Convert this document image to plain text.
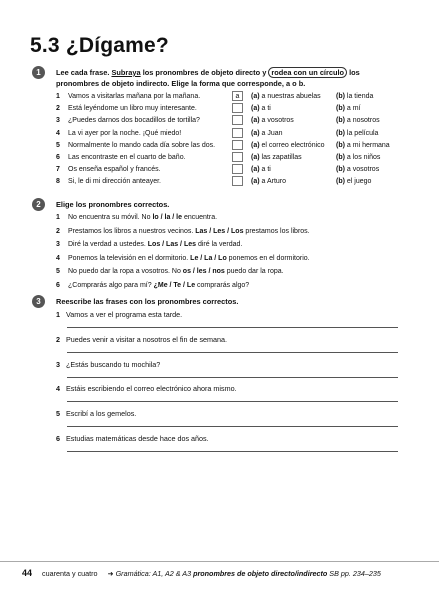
5.3 ¿Dígame?
1	Lee cada frase. Subraya los pronombres de objeto directo y rodea con un círculo los
pronombres de objeto indirecto. Elige la forma que corresponde, a o b.
1 Vamos a visitarlas mañana por la mañana.	a	(a) a nuestras abuelas (b) la tienda
2 Está leyéndome un libro muy interesante.	(a) a ti	(b) a mí
3 ¿Puedes darnos dos bocadillos de tortilla?	(a) a vosotros	(b) a nosotros
4 La vi ayer por la noche. ¡Qué miedo!	(a) a Juan	(b) la película
5 Normalmente lo mando cada día sobre las dos.	(a) el correo electrónico (b) a mi hermana
6 Las encontraste en el cuarto de baño.	(a) las zapatillas	(b) a los niños
7 Os enseña español y francés.	(a) a ti	(b) a vosotros
8 Si, le di mi dirección anteayer.	(a) a Arturo	(b) el juego
2	Elige los pronombres correctos.
1 No encuentra su móvil. No lo / la / le encuentra.
2 Prestamos los libros a nuestros vecinos. Las / Les / Los prestamos los libros.
3 Diré la verdad a ustedes. Los / Las / Les diré la verdad.
4 Ponemos la televisión en el dormitorio. Le / La / Lo ponemos en el dormitorio.
5 No puedo dar la ropa a vosotros. No os / les / nos puedo dar la ropa.
6 ¿Comprarás algo para mí? ¿Me / Te / Le comprarás algo?
3	Reescribe las frases con los pronombres correctos.
1 Vamos a ver el programa esta tarde.
2 Puedes venir a visitar a nosotros el fin de semana.
3 ¿Estás buscando tu mochila?
4 Estáis escribiendo el correo electrónico ahora mismo.
5 Escribí a los gemelos.
6 Estudias matemáticas desde hace dos años.
44 cuarenta y cuatro ➜ Gramática: A1, A2 & A3 pronombres de objeto directo/indirecto SB pp. 234–235
